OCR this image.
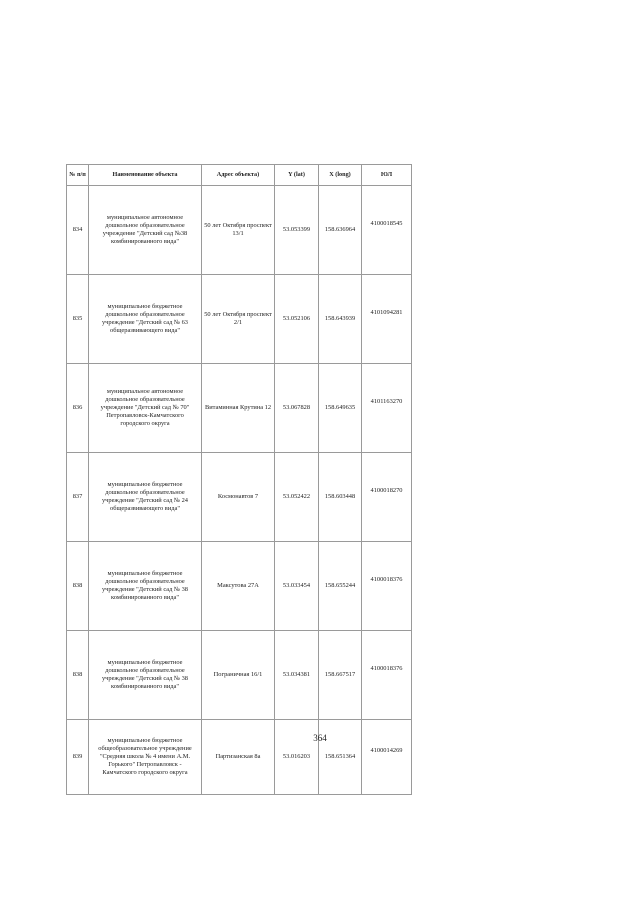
№ п/п	Наименование объекта	Адрес объекта)	Y (lat)	X (long)	ЮЛ
834	муниципальное автономное дошкольное образовательное учреждение "Детский сад №38 комбинированного вида"	50 лет Октября проспект 13/1	53.053399	158.636964	4100018545
835	муниципальное бюджетное дошкольное образовательное учреждение "Детский сад № 63 общеразвивающего вида"	50 лет Октября проспект 2/1	53.052106	158.643939	4101094281
836	муниципальное автономное дошкольное образовательное учреждение "Детский сад № 70" Петропавловск-Камчатского городского округа	Витаминная Крутина 12	53.067828	158.649635	4101163270
837	муниципальное бюджетное дошкольное образовательное учреждение "Детский сад № 24 общеразвивающего вида"	Космонавтов 7	53.052422	158.603448	4100018270
838	муниципальное бюджетное дошкольное образовательное учреждение "Детский сад № 38 комбинированного вида"	Максутова 27А	53.033454	158.655244	4100018376
838	муниципальное бюджетное дошкольное образовательное учреждение "Детский сад № 38 комбинированного вида"	Пограничная 16/1	53.034381	158.667517	4100018376
839	муниципальное бюджетное общеобразовательное учреждение "Средняя школа № 4 имени А.М. Горького" Петропавловск - Камчатского городского округа	Партизанская 8а	53.016203	158.651364	4100014269
364
